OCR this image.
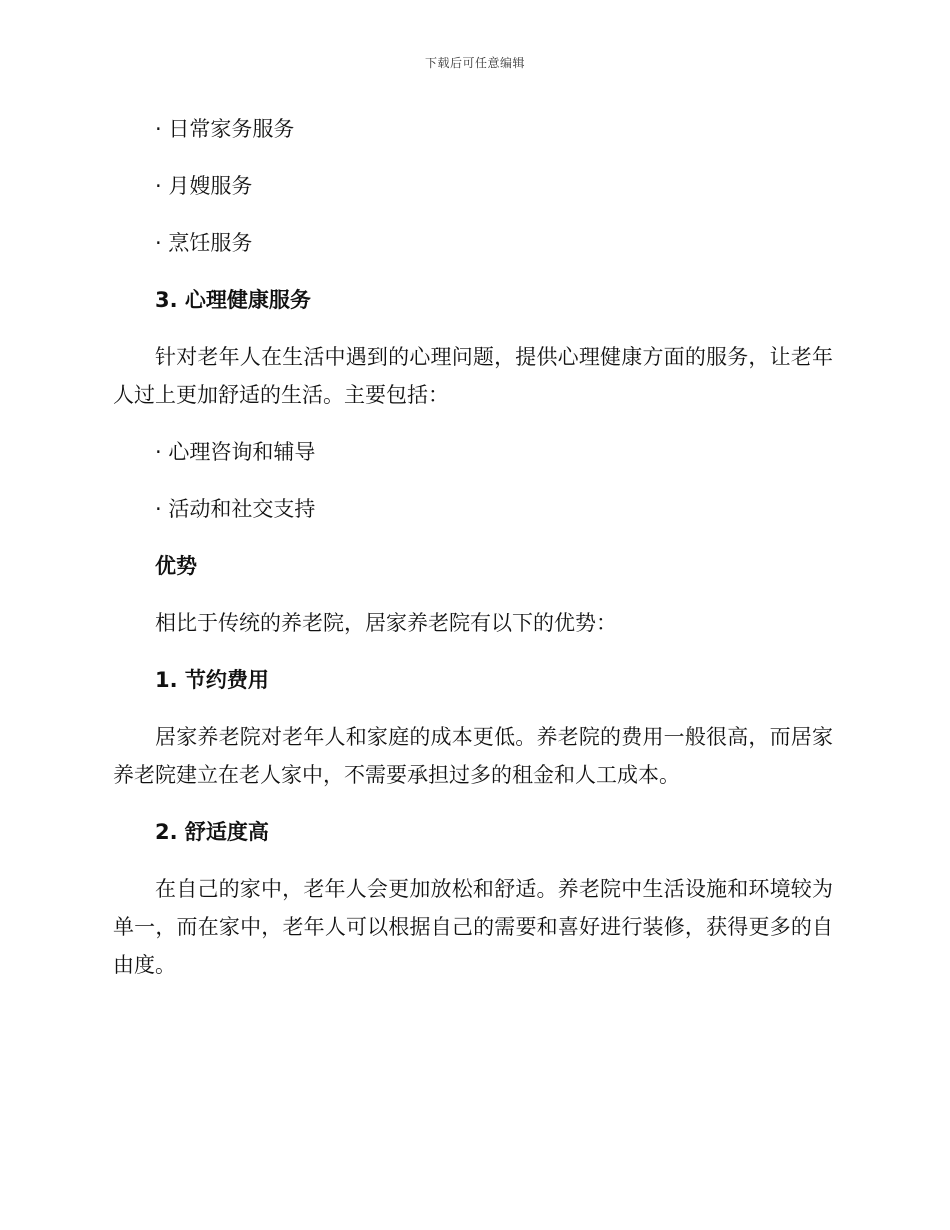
下载后可任意编辑

· 日常家务服务

· 月嫂服务

· 烹饪服务

3. 心理健康服务

针对老年人在生活中遇到的心理问题，提供心理健康方面的服务，让老年人过上更加舒适的生活。主要包括：

· 心理咨询和辅导

· 活动和社交支持

优势

相比于传统的养老院，居家养老院有以下的优势：

1. 节约费用

居家养老院对老年人和家庭的成本更低。养老院的费用一般很高，而居家养老院建立在老人家中，不需要承担过多的租金和人工成本。

2. 舒适度高

在自己的家中，老年人会更加放松和舒适。养老院中生活设施和环境较为单一，而在家中，老年人可以根据自己的需要和喜好进行装修，获得更多的自由度。
